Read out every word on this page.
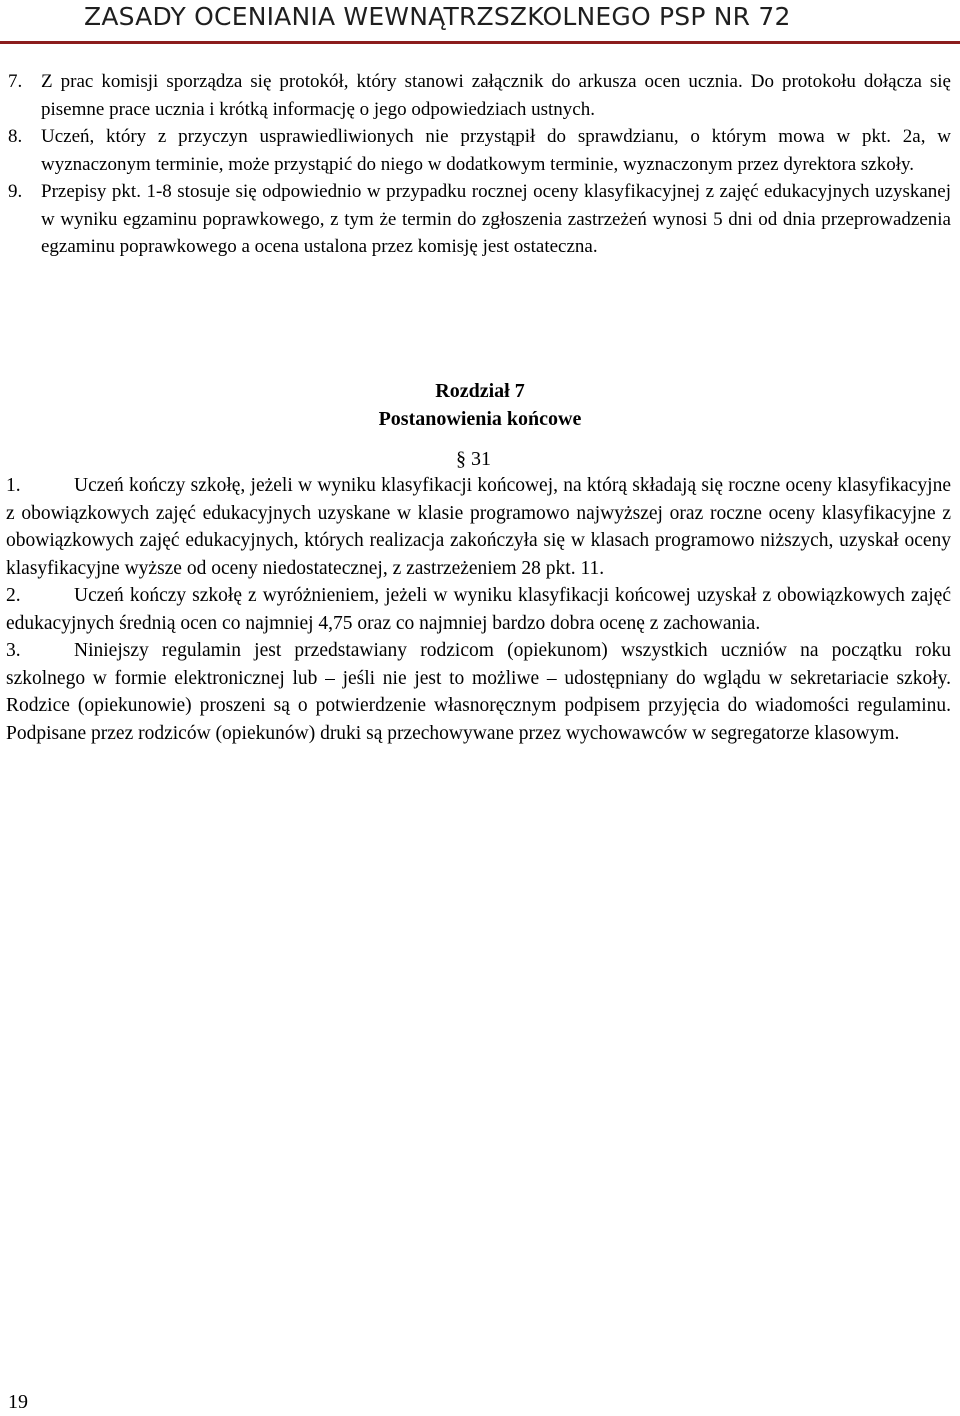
ZASADY OCENIANIA WEWNĄTRZSZKOLNEGO PSP NR 72
7. Z prac komisji sporządza się protokół, który stanowi załącznik do arkusza ocen ucznia. Do protokołu dołącza się pisemne prace ucznia i krótką informację o jego odpowiedziach ustnych.
8. Uczeń, który z przyczyn usprawiedliwionych nie przystąpił do sprawdzianu, o którym mowa w pkt. 2a, w wyznaczonym terminie, może przystąpić do niego w dodatkowym terminie, wyznaczonym przez dyrektora szkoły.
9. Przepisy pkt. 1-8 stosuje się odpowiednio w przypadku rocznej oceny klasyfikacyjnej z zajęć edukacyjnych uzyskanej w wyniku egzaminu poprawkowego, z tym że termin do zgłoszenia zastrzeżeń wynosi 5 dni od dnia przeprowadzenia egzaminu poprawkowego a ocena ustalona przez komisję jest ostateczna.
Rozdział 7
Postanowienia końcowe
§ 31
1.	Uczeń kończy szkołę, jeżeli w wyniku klasyfikacji końcowej, na którą składają się roczne oceny klasyfikacyjne z obowiązkowych zajęć edukacyjnych uzyskane w klasie programowo najwyższej oraz roczne oceny klasyfikacyjne z obowiązkowych zajęć edukacyjnych, których realizacja zakończyła się w klasach programowo niższych, uzyskał oceny klasyfikacyjne wyższe od oceny niedostatecznej, z zastrzeżeniem 28 pkt. 11.
2.	Uczeń kończy szkołę z wyróżnieniem, jeżeli w wyniku klasyfikacji końcowej uzyskał z obowiązkowych zajęć edukacyjnych średnią ocen co najmniej 4,75 oraz co najmniej bardzo dobra ocenę z zachowania.
3.	Niniejszy regulamin jest przedstawiany rodzicom (opiekunom) wszystkich uczniów na początku roku szkolnego w formie elektronicznej lub – jeśli nie jest to możliwe – udostępniany do wglądu w sekretariacie szkoły. Rodzice (opiekunowie) proszeni są o potwierdzenie własnoręcznym podpisem przyjęcia do wiadomości regulaminu. Podpisane przez rodziców (opiekunów) druki są przechowywane przez wychowawców w segregatorze klasowym.
19
